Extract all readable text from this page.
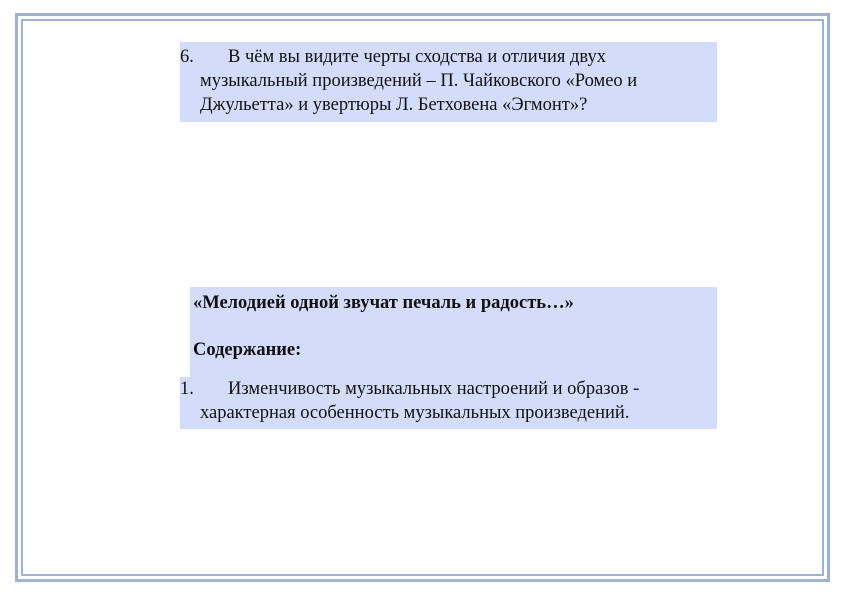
6. В чём вы видите черты сходства и отличия двух музыкальный произведений – П. Чайковского «Ромео и Джульетта» и увертюры Л. Бетховена «Эгмонт»?
«Мелодией одной звучат печаль и радость…»
Содержание:
1. Изменчивость музыкальных настроений и образов - характерная особенность музыкальных произведений.
